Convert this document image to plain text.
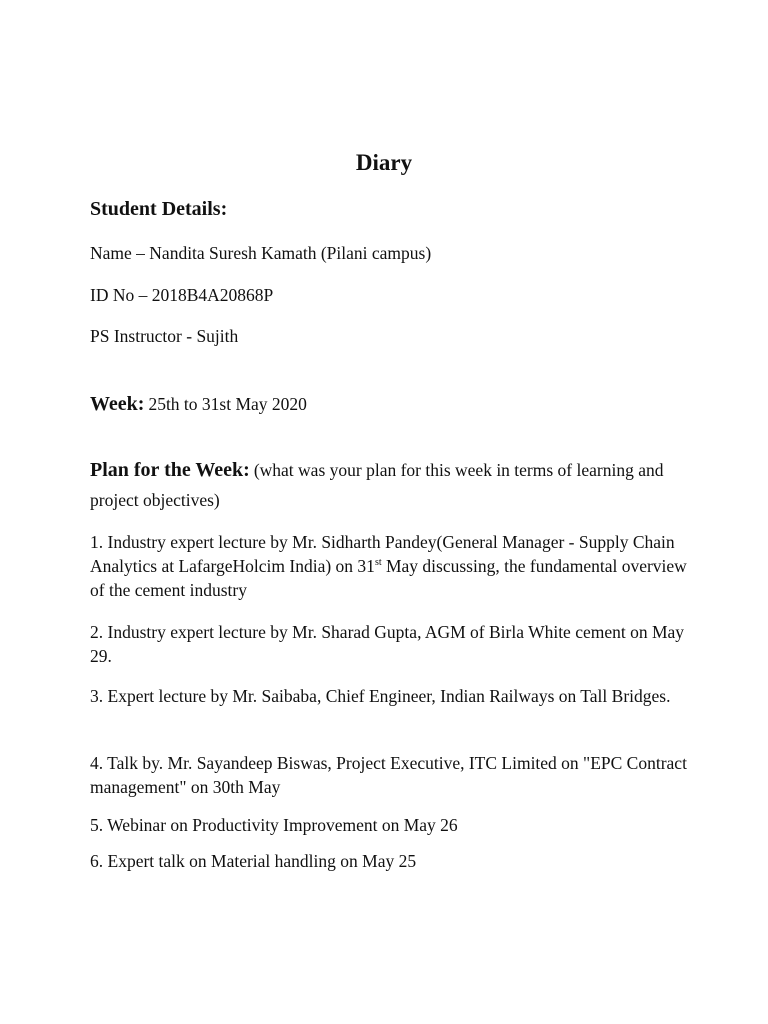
Diary
Student Details:

Name – Nandita Suresh Kamath (Pilani campus)

ID No – 2018B4A20868P

PS Instructor - Sujith

Week: 25th to 31st May 2020

Plan for the Week: (what was your plan for this week in terms of learning and project objectives)

1. Industry expert lecture by Mr. Sidharth Pandey(General Manager - Supply Chain Analytics at LafargeHolcim India) on 31st May discussing, the fundamental overview of the cement industry

2. Industry expert lecture by Mr. Sharad Gupta, AGM of Birla White cement on May 29.

3. Expert lecture by Mr. Saibaba, Chief Engineer, Indian Railways on Tall Bridges.

4. Talk by. Mr. Sayandeep Biswas, Project Executive, ITC Limited on "EPC Contract management" on 30th May

5. Webinar on Productivity Improvement on May 26

6. Expert talk on Material handling on May 25
